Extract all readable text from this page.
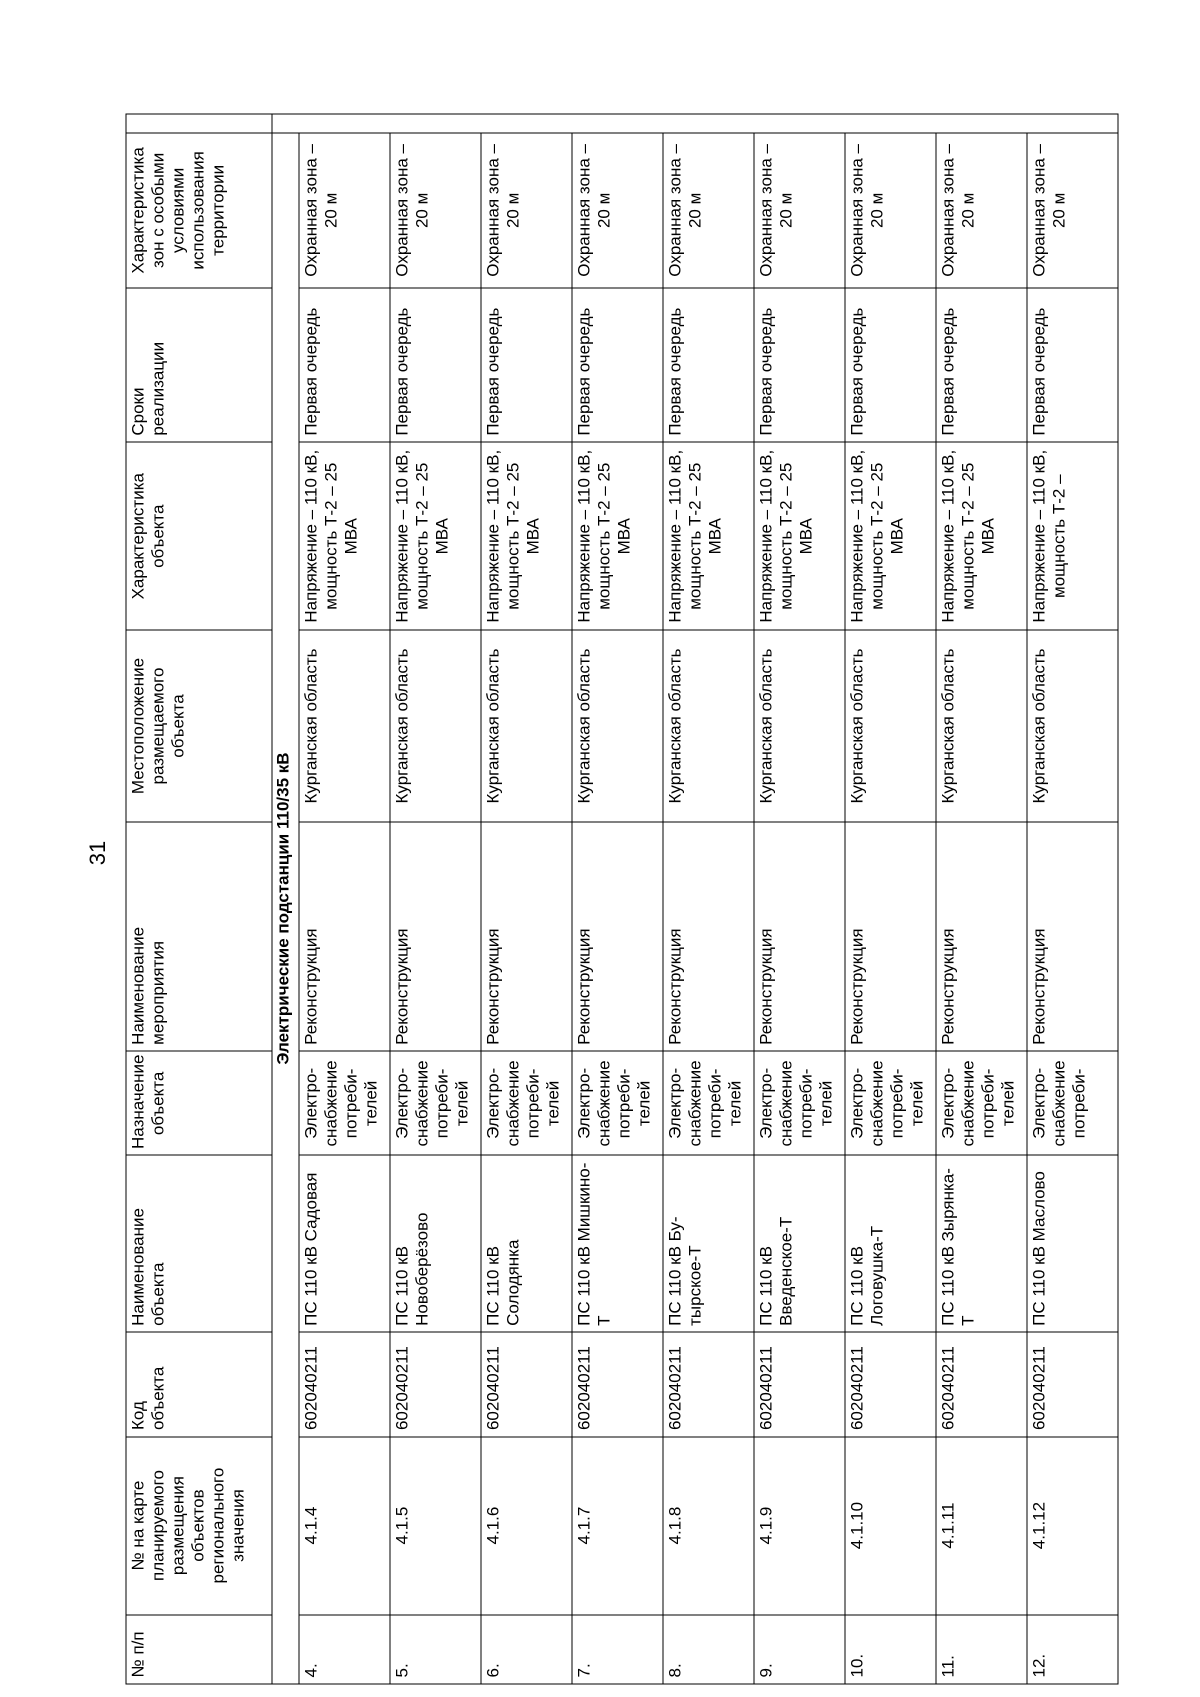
31
№ п/п	№ на карте планируемого размещения объектов регионального значения	Код объекта	Наименование объекта	Назначение объекта	Наименование мероприятия	Местоположение размещаемого объекта	Характеристика объекта	Сроки реализации	Характеристика зон с особыми условиями использования территории	
Электрические подстанции 110/35 кВ										
4.	4.1.4	602040211	ПС 110 кВ Садовая	Электро-снабжение потреби-телей	Реконструкция	Курганская область	Напряжение – 110 кВ, мощность Т-2 – 25 МВА	Первая очередь	Охранная зона – 20 м	
5.	4.1.5	602040211	ПС 110 кВ Новоберёзово	Электро-снабжение потреби-телей	Реконструкция	Курганская область	Напряжение – 110 кВ, мощность Т-2 – 25 МВА	Первая очередь	Охранная зона – 20 м	
6.	4.1.6	602040211	ПС 110 кВ Солодянка	Электро-снабжение потреби-телей	Реконструкция	Курганская область	Напряжение – 110 кВ, мощность Т-2 – 25 МВА	Первая очередь	Охранная зона – 20 м	
7.	4.1.7	602040211	ПС 110 кВ Мишкино-Т	Электро-снабжение потреби-телей	Реконструкция	Курганская область	Напряжение – 110 кВ, мощность Т-2 – 25 МВА	Первая очередь	Охранная зона – 20 м	
8.	4.1.8	602040211	ПС 110 кВ Бу-тырское-Т	Электро-снабжение потреби-телей	Реконструкция	Курганская область	Напряжение – 110 кВ, мощность Т-2 – 25 МВА	Первая очередь	Охранная зона – 20 м	
9.	4.1.9	602040211	ПС 110 кВ Введенское-Т	Электро-снабжение потреби-телей	Реконструкция	Курганская область	Напряжение – 110 кВ, мощность Т-2 – 25 МВА	Первая очередь	Охранная зона – 20 м	
10.	4.1.10	602040211	ПС 110 кВ Логовушка-Т	Электро-снабжение потреби-телей	Реконструкция	Курганская область	Напряжение – 110 кВ, мощность Т-2 – 25 МВА	Первая очередь	Охранная зона – 20 м	
11.	4.1.11	602040211	ПС 110 кВ Зырянка-Т	Электро-снабжение потреби-телей	Реконструкция	Курганская область	Напряжение – 110 кВ, мощность Т-2 – 25 МВА	Первая очередь	Охранная зона – 20 м	
12.	4.1.12	602040211	ПС 110 кВ Маслово	Электро-снабжение потреби-	Реконструкция	Курганская область	Напряжение – 110 кВ, мощность Т-2 –	Первая очередь	Охранная зона – 20 м	
